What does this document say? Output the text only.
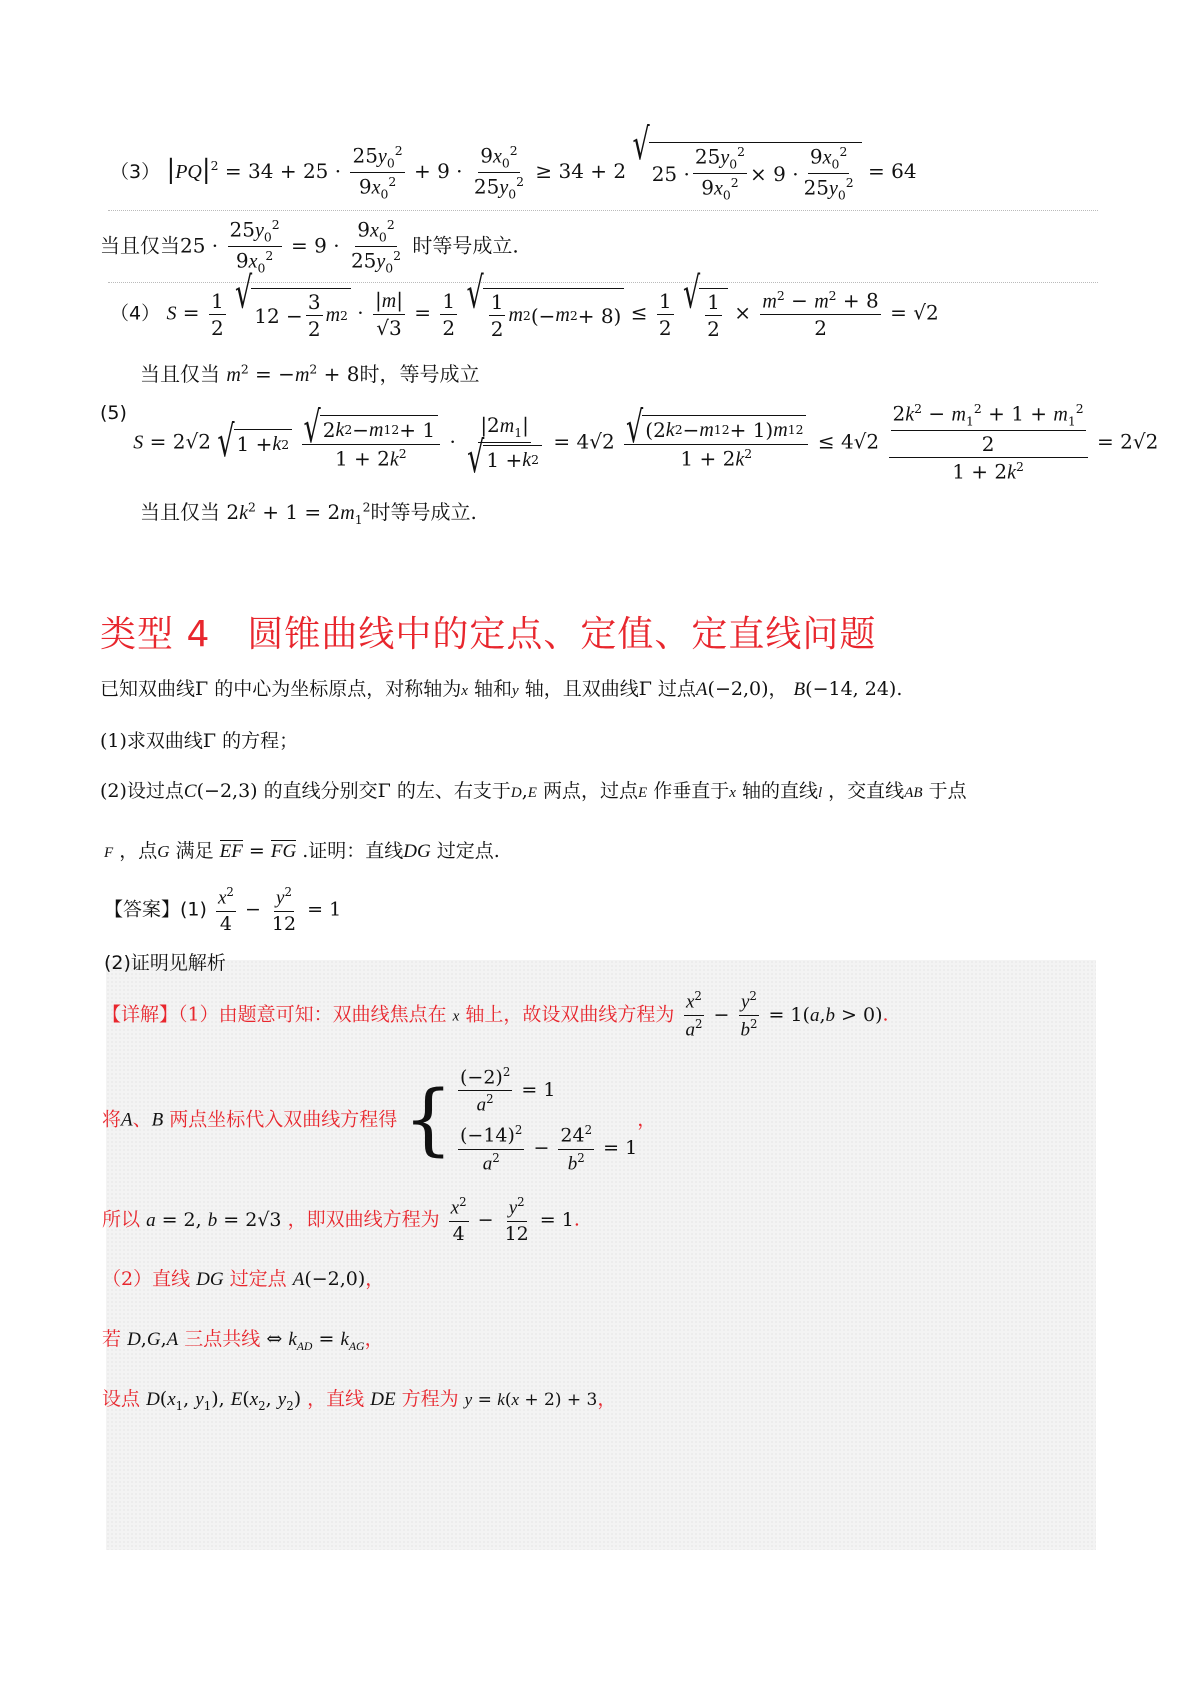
（3） $|PQ|^2 = 34 + 25 \cdot \frac{25y_0^2}{9x_0^2} + 9 \cdot \frac{9x_0^2}{25y_0^2} \ge 34 + 2$
√
$25 \cdot \frac{25y_0^2}{9x_0^2} \times 9 \cdot \frac{9x_0^2}{25y_0^2} = 64$
当且仅当$25 \cdot \frac{25y_0^2}{9x_0^2} = 9 \cdot \frac{9x_0^2}{25y_0^2}$ 时等号成立.
（4） $S = \frac{1}{2}$
√ $12 - \frac{3}{2}$ m $2 \cdot \frac{|m|}{√3} = \frac{1}{2}$
√ $\frac{1}{2}$ m 2 (− m $2 + 8) \le \frac{1}{2}$
√ $\frac{1}{2} \times \frac{m^2 - m^2 + 8}{2} = √2$
当且仅当 $m^2 = -m^2 + 8$时，等号成立
(5) S = 2√2 √ 1 + k 2
$\frac{√ 2 k 2 - m 1 2 + 1}{1 + 2k^2} \cdot \frac{|2m_1|}{√ 1 + k 2} = 4√2 \frac{√ (2 k 2 - m 1 2 + 1) m 1 2}{1 + 2k^2} \le 4√2 \frac{\frac{2k^2 - m_1^2 + 1 + m_1^2}{2}}{1 + 2k^2} = 2√2$
当且仅当 $2k^2 + 1 = 2m_1^2$时等号成立.
类型 4　圆锥曲线中的定点、定值、定直线问题
已知双曲线Γ 的中心为坐标原点，对称轴为x 轴和y 轴，且双曲线Γ 过点A(−2,0)， B(−14, 24).
(1)求双曲线Γ 的方程；
(2)设过点C(−2,3) 的直线分别交Γ 的左、右支于D,E 两点，过点E 作垂直于x 轴的直线l ，交直线AB 于点
F ，点G 满足 EF = FG .证明：直线DG 过定点.
【答案】$(1) \frac{x^2}{4} - \frac{y^2}{12} = 1$
(2)证明见解析
【详解】（1）由题意可知：双曲线焦点在 x 轴上，故设双曲线方程为 $\frac{x^2}{a^2} - \frac{y^2}{b^2} = 1(a,b > 0)$.
将A、B 两点坐标代入双曲线方程得 { $\frac{(-2)^2}{a^2} = 1$
$\frac{(-14)^2}{a^2} - \frac{24^2}{b^2} = 1$
，
所以 a = 2, b = 2√3 ，即双曲线方程为 $\frac{x^2}{4} - \frac{y^2}{12} = 1$.
（2）直线 DG 过定点 A(−2,0)，
若 D,G,A 三点共线 ⇔ $k_{AD} = k_{AG}$，
设点 $D(x_1$, $y_1$), $E(x_2$, $y_2$) ，直线 DE 方程为 y = k(x + 2) + 3，
